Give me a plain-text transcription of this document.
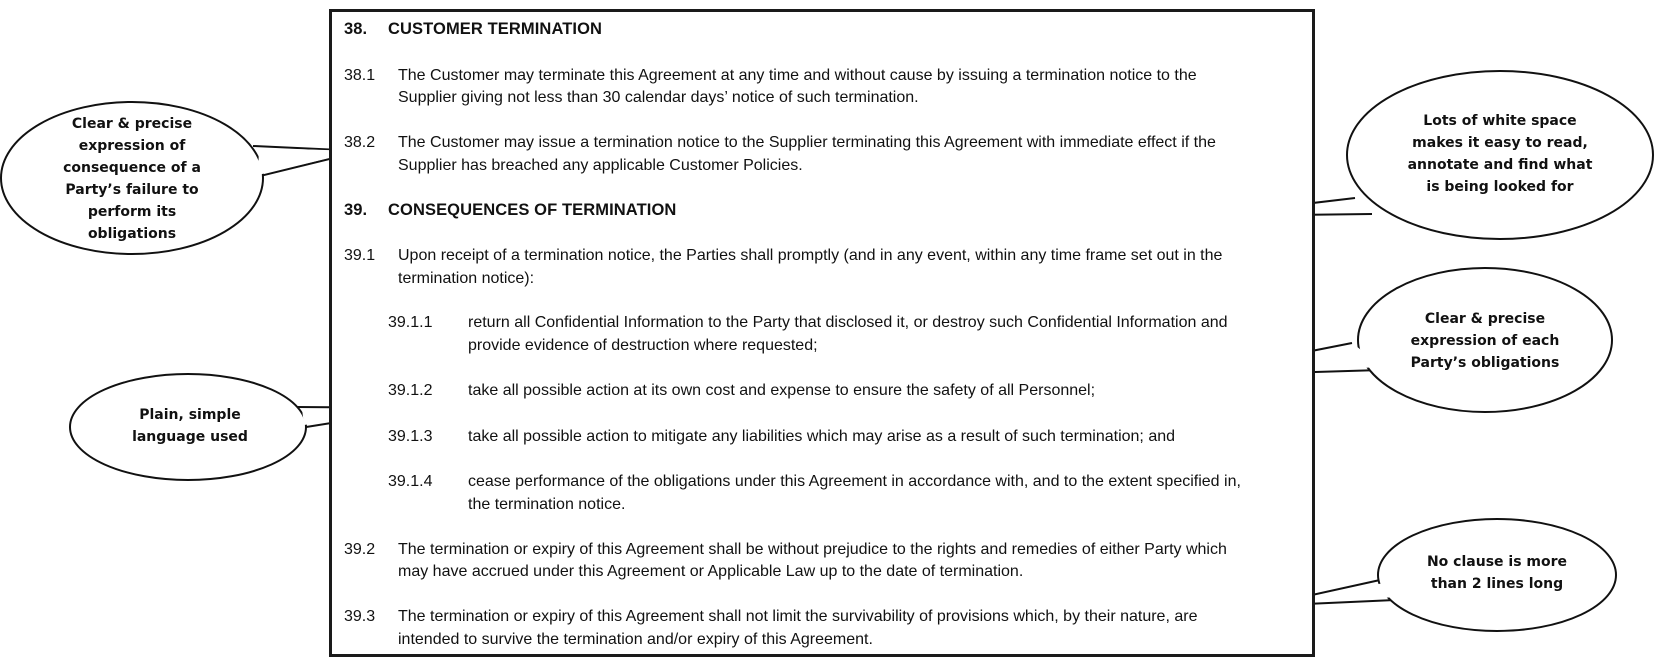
Clear & precise
expression of
consequence of a
Party’s failure to
perform its
obligations
Plain, simple
language used
Lots of white space
makes it easy to read,
annotate and find what
is being looked for
Clear & precise
expression of each
Party’s obligations
No clause is more
than 2 lines long
38. CUSTOMER TERMINATION
38.1 The Customer may terminate this Agreement at any time and without cause by issuing a termination notice to the
Supplier giving not less than 30 calendar days’ notice of such termination.
38.2 The Customer may issue a termination notice to the Supplier terminating this Agreement with immediate effect if the
Supplier has breached any applicable Customer Policies.
39. CONSEQUENCES OF TERMINATION
39.1 Upon receipt of a termination notice, the Parties shall promptly (and in any event, within any time frame set out in the
termination notice):
39.1.1 return all Confidential Information to the Party that disclosed it, or destroy such Confidential Information and
provide evidence of destruction where requested;
39.1.2 take all possible action at its own cost and expense to ensure the safety of all Personnel;
39.1.3 take all possible action to mitigate any liabilities which may arise as a result of such termination; and
39.1.4 cease performance of the obligations under this Agreement in accordance with, and to the extent specified in,
the termination notice.
39.2 The termination or expiry of this Agreement shall be without prejudice to the rights and remedies of either Party which
may have accrued under this Agreement or Applicable Law up to the date of termination.
39.3 The termination or expiry of this Agreement shall not limit the survivability of provisions which, by their nature, are
intended to survive the termination and/or expiry of this Agreement.
